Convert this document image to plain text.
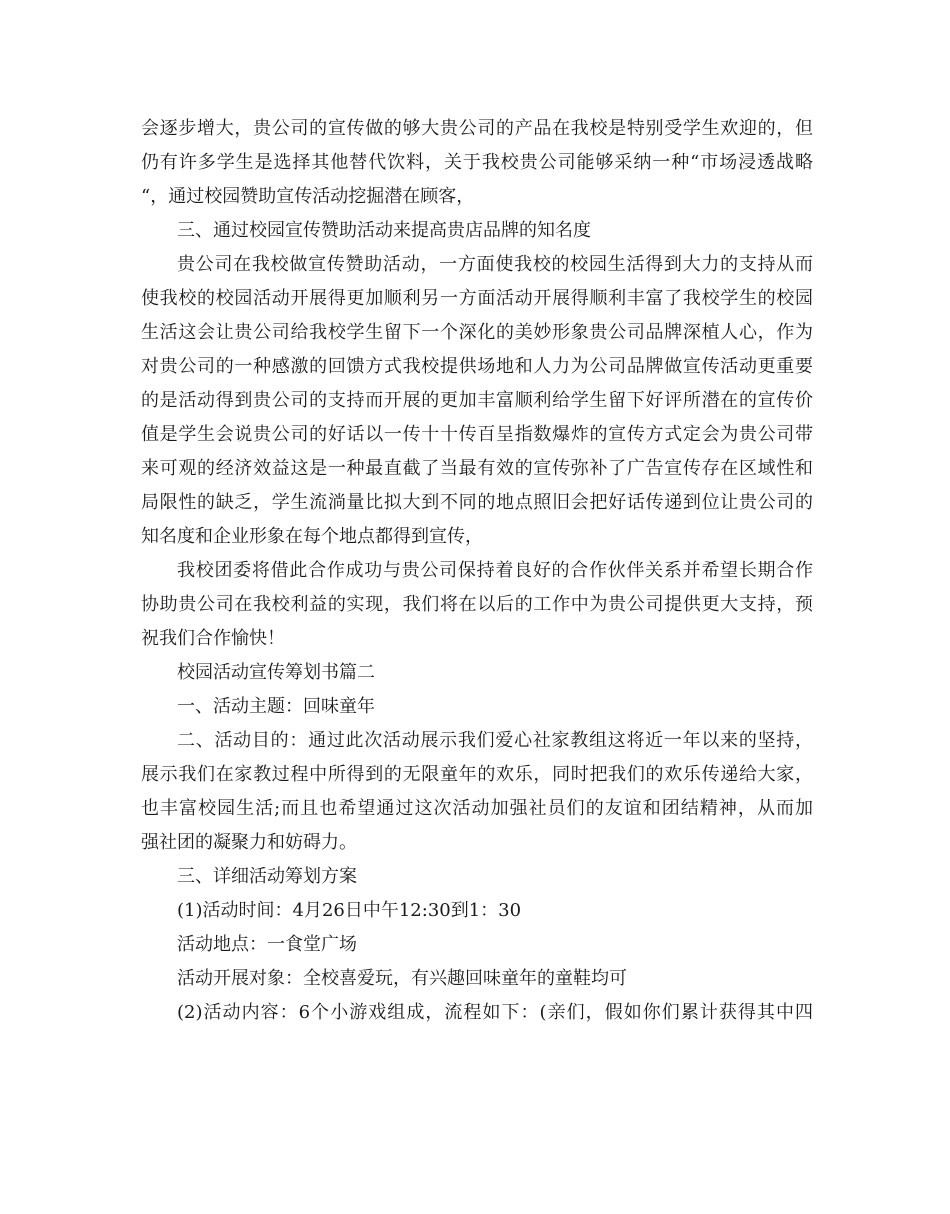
会逐步增大，贵公司的宣传做的够大贵公司的产品在我校是特别受学生欢迎的，但
仍有许多学生是选择其他替代饮料，关于我校贵公司能够采纳一种“市场浸透战略
“，通过校园赞助宣传活动挖掘潜在顾客，
三、通过校园宣传赞助活动来提高贵店品牌的知名度
贵公司在我校做宣传赞助活动，一方面使我校的校园生活得到大力的支持从而
使我校的校园活动开展得更加顺利另一方面活动开展得顺利丰富了我校学生的校园
生活这会让贵公司给我校学生留下一个深化的美妙形象贵公司品牌深植人心，作为
对贵公司的一种感激的回馈方式我校提供场地和人力为公司品牌做宣传活动更重要
的是活动得到贵公司的支持而开展的更加丰富顺利给学生留下好评所潜在的宣传价
值是学生会说贵公司的好话以一传十十传百呈指数爆炸的宣传方式定会为贵公司带
来可观的经济效益这是一种最直截了当最有效的宣传弥补了广告宣传存在区域性和
局限性的缺乏，学生流淌量比拟大到不同的地点照旧会把好话传递到位让贵公司的
知名度和企业形象在每个地点都得到宣传，
我校团委将借此合作成功与贵公司保持着良好的合作伙伴关系并希望长期合作
协助贵公司在我校利益的实现，我们将在以后的工作中为贵公司提供更大支持，预
祝我们合作愉快！
校园活动宣传筹划书篇二
一、活动主题：回味童年
二、活动目的：通过此次活动展示我们爱心社家教组这将近一年以来的坚持，
展示我们在家教过程中所得到的无限童年的欢乐，同时把我们的欢乐传递给大家，
也丰富校园生活;而且也希望通过这次活动加强社员们的友谊和团结精神，从而加
强社团的凝聚力和妨碍力。
三、详细活动筹划方案
(1)活动时间：4月26日中午12:30到1：30
活动地点：一食堂广场
活动开展对象：全校喜爱玩，有兴趣回味童年的童鞋均可
(2)活动内容：6个小游戏组成，流程如下：(亲们，假如你们累计获得其中四
